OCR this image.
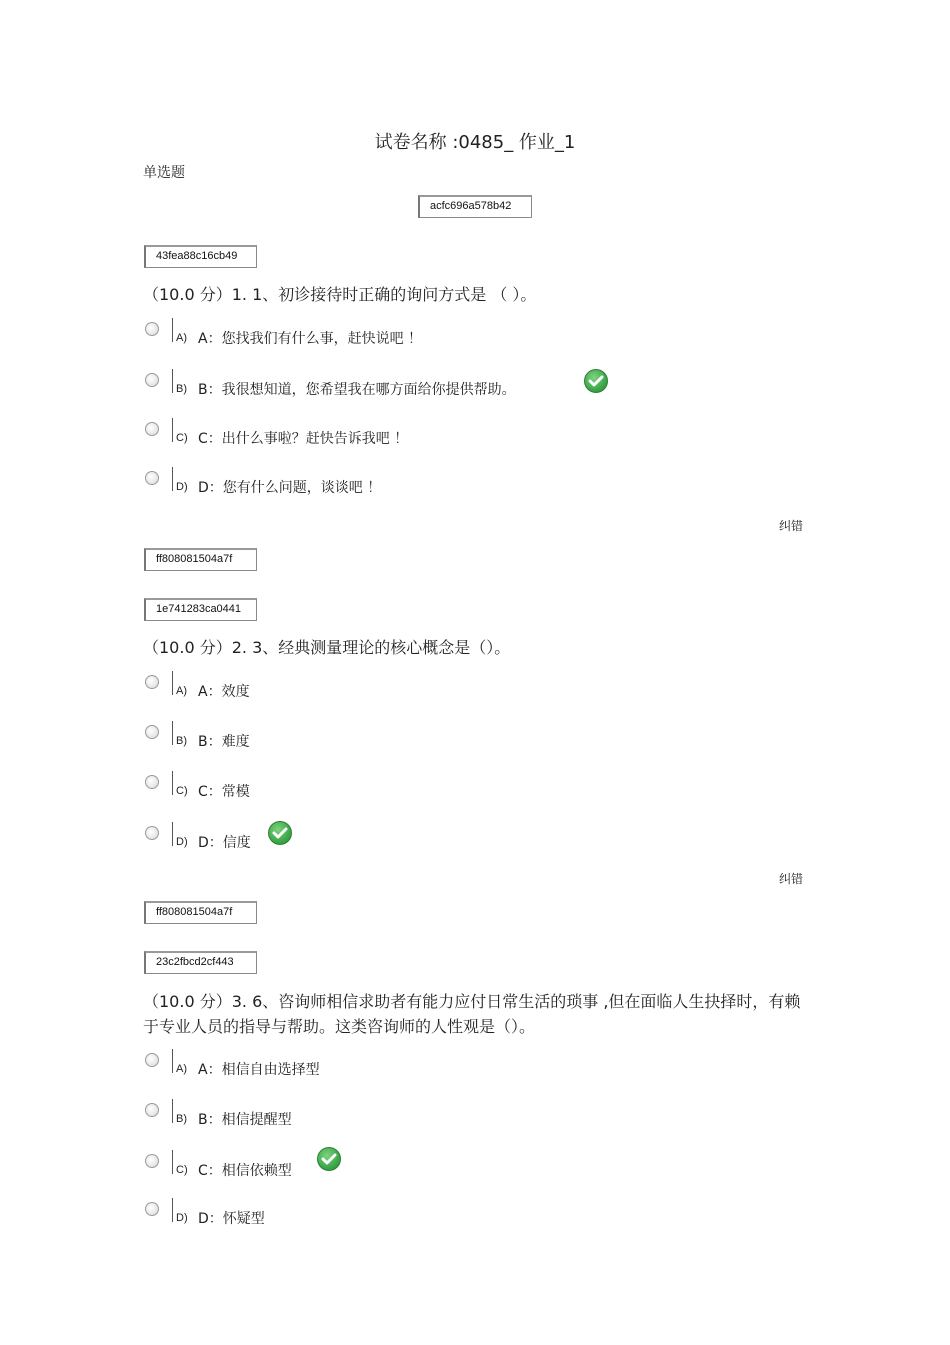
试卷名称 :0485_ 作业_1
单选题
acfc696a578b42
43fea88c16cb49
（10.0 分）1. 1、初诊接待时正确的询问方式是 （ ）。
A) A：您找我们有什么事，赶快说吧 ！
B) B：我很想知道，您希望我在哪方面给你提供帮助。
C) C：出什么事啦？赶快告诉我吧 ！
D) D：您有什么问题，谈谈吧 ！
纠错
ff808081504a7f
1e741283ca0441
（10.0 分）2. 3、经典测量理论的核心概念是（）。
A) A：效度
B) B：难度
C) C：常模
D) D：信度
纠错
ff808081504a7f
23c2fbcd2cf443
（10.0 分）3. 6、咨询师相信求助者有能力应付日常生活的琐事 ,但在面临人生抉择时，有赖于专业人员的指导与帮助。这类咨询师的人性观是（）。
A) A：相信自由选择型
B) B：相信提醒型
C) C：相信依赖型
D) D：怀疑型
